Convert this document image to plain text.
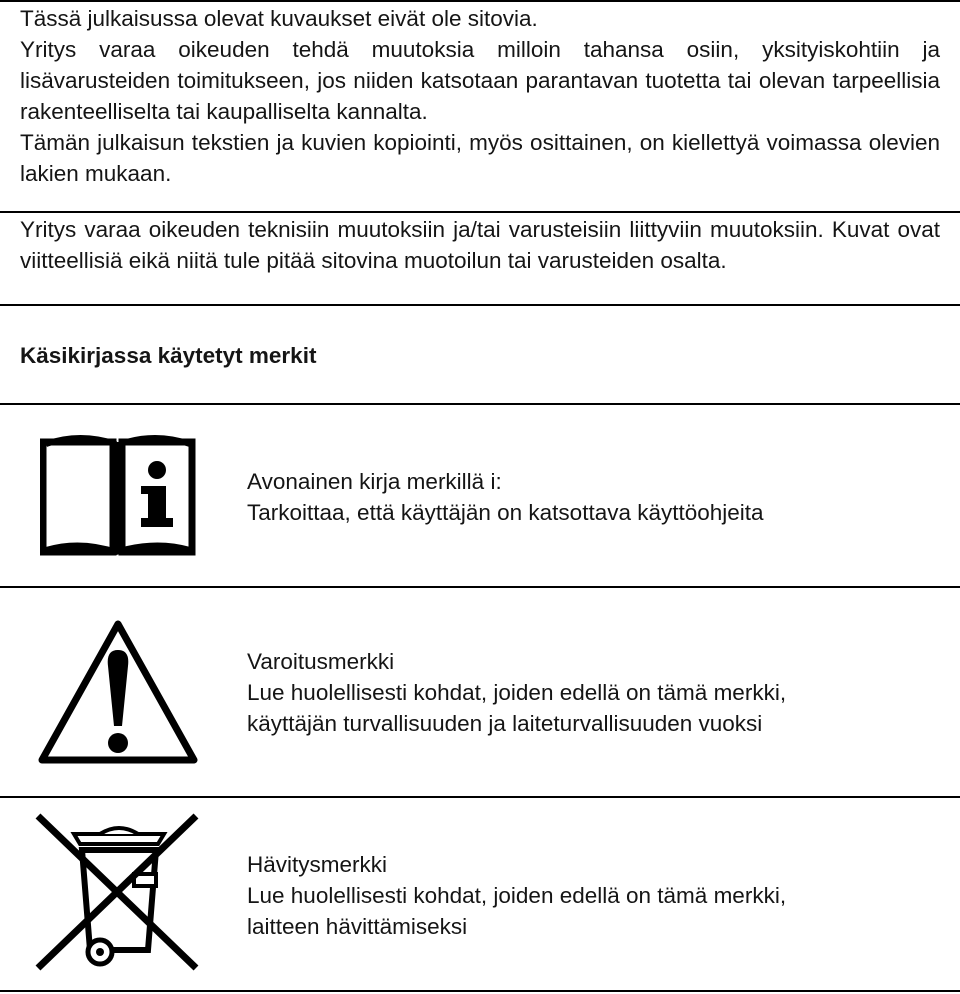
Tässä julkaisussa olevat kuvaukset eivät ole sitovia.

Yritys varaa oikeuden tehdä muutoksia milloin tahansa osiin, yksityiskohtiin ja lisävarusteiden toimitukseen, jos niiden katsotaan parantavan tuotetta tai olevan tarpeellisia rakenteelliselta tai kaupalliselta kannalta.

Tämän julkaisun tekstien ja kuvien kopiointi, myös osittainen, on kiellettyä voimassa olevien lakien mukaan.

Yritys varaa oikeuden teknisiin muutoksiin ja/tai varusteisiin liittyviin muutoksiin. Kuvat ovat viitteellisiä eikä niitä tule pitää sitovina muotoilun tai varusteiden osalta.

Käsikirjassa käytetyt merkit
Avonainen kirja merkillä i:
Tarkoittaa, että käyttäjän on katsottava käyttöohjeita
Varoitusmerkki
Lue huolellisesti kohdat, joiden edellä on tämä merkki,
käyttäjän turvallisuuden ja laiteturvallisuuden vuoksi
Hävitysmerkki
Lue huolellisesti kohdat, joiden edellä on tämä merkki,
laitteen hävittämiseksi
